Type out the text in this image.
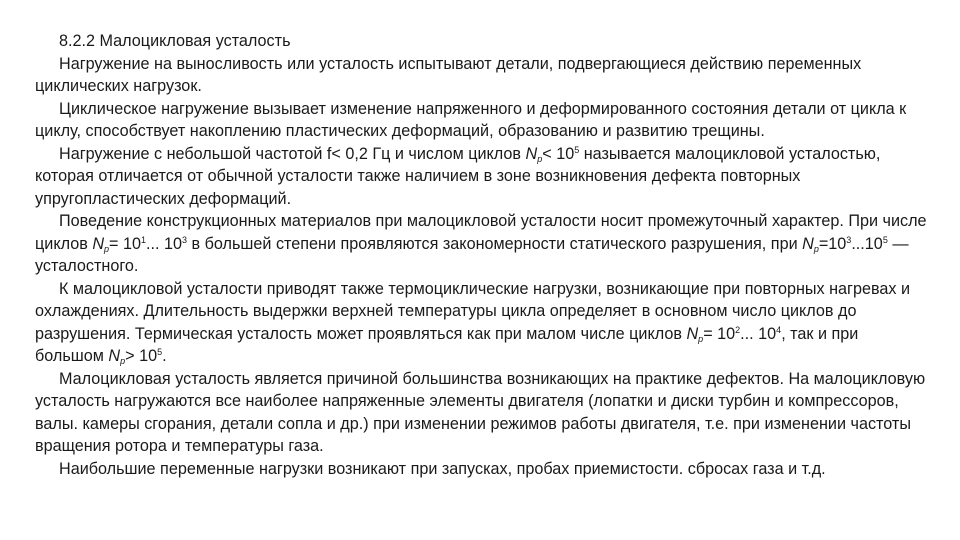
8.2.2 Малоцикловая усталость

Нагружение на выносливость или усталость испытывают детали, подвергающиеся действию переменных циклических нагрузок.

Циклическое нагружение вызывает изменение напряженного и деформированного состояния детали от цикла к циклу, способствует накоплению пластических деформаций, образованию и развитию трещины.

Нагружение с небольшой частотой f< 0,2 Гц и числом циклов $N_р< 10^5$ называется малоцикловой усталостью, которая отличается от обычной усталости также наличием в зоне возникновения дефекта повторных упругопластических деформаций.

Поведение конструкционных материалов при малоцикловой усталости носит промежуточный характер. При числе циклов $N_р= 10^1$... $10^3$ в большей степени проявляются закономерности статического разрушения, при $N_р=10^3...10^5$ — усталостного.

К малоцикловой усталости приводят также термоциклические нагрузки, возникающие при повторных нагревах и охлаждениях. Длительность выдержки верхней температуры цикла определяет в основном число циклов до разрушения. Термическая усталость может проявляться как при малом числе циклов $N_р= 10^2$... $10^4$, так и при большом $N_р> 10^5$.

Малоцикловая усталость является причиной большинства возникающих на практике дефектов. На малоцикловую усталость нагружаются все наиболее напряженные элементы двигателя (лопатки и диски турбин и компрессоров, валы. камеры сгорания, детали сопла и др.) при изменении режимов работы двигателя, т.е. при изменении частоты вращения ротора и температуры газа.

Наибольшие переменные нагрузки возникают при запусках, пробах приемистости. сбросах газа и т.д.
